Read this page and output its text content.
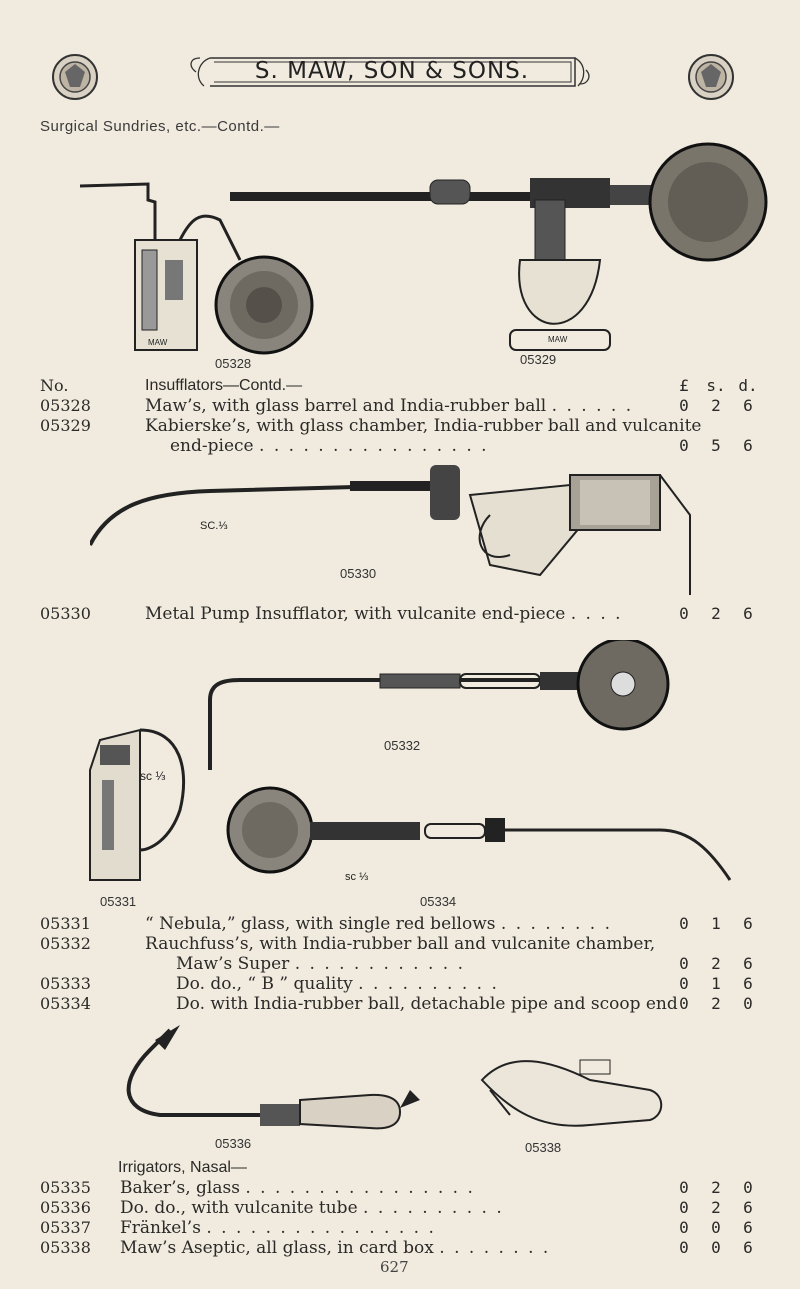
S. MAW, SON & SONS.
Surgical Sundries, etc.—Contd.—
MAW	MAW
05328	05329
No.	Insufflators—Contd.—	£	s. d.
05328	Maw’s, with glass barrel and India-rubber ball . . . . . .	0	2	6
05329	Kabierske’s, with glass chamber, India-rubber ball and vulcanite
end-piece . . . . . . . . . . . . . . . .	0	5	6
SC.⅓
05330
05330	Metal Pump Insufflator, with vulcanite end-piece . . . .	0	2	6
sc ⅓
sc ⅓
05332
05331	05334
05331	“ Nebula,” glass, with single red bellows . . . . . . . .	0	1	6
05332	Rauchfuss’s, with India-rubber ball and vulcanite chamber,
Maw’s Super . . . . . . . . . . . .	0	2	6
05333	Do. do., “ B ” quality . . . . . . . . . .	0	1	6
05334	Do. with India-rubber ball, detachable pipe and scoop end 0	2	0
05336	05338
Irrigators, Nasal—
05335 Baker’s, glass . . . . . . . . . . . . . . . .	0	2	0
05336 Do. do., with vulcanite tube . . . . . . . . . .	0	2	6
05337 Fränkel’s . . . . . . . . . . . . . . . .	0	0	6
05338 Maw’s Aseptic, all glass, in card box . . . . . . . .	0	0	6
627
